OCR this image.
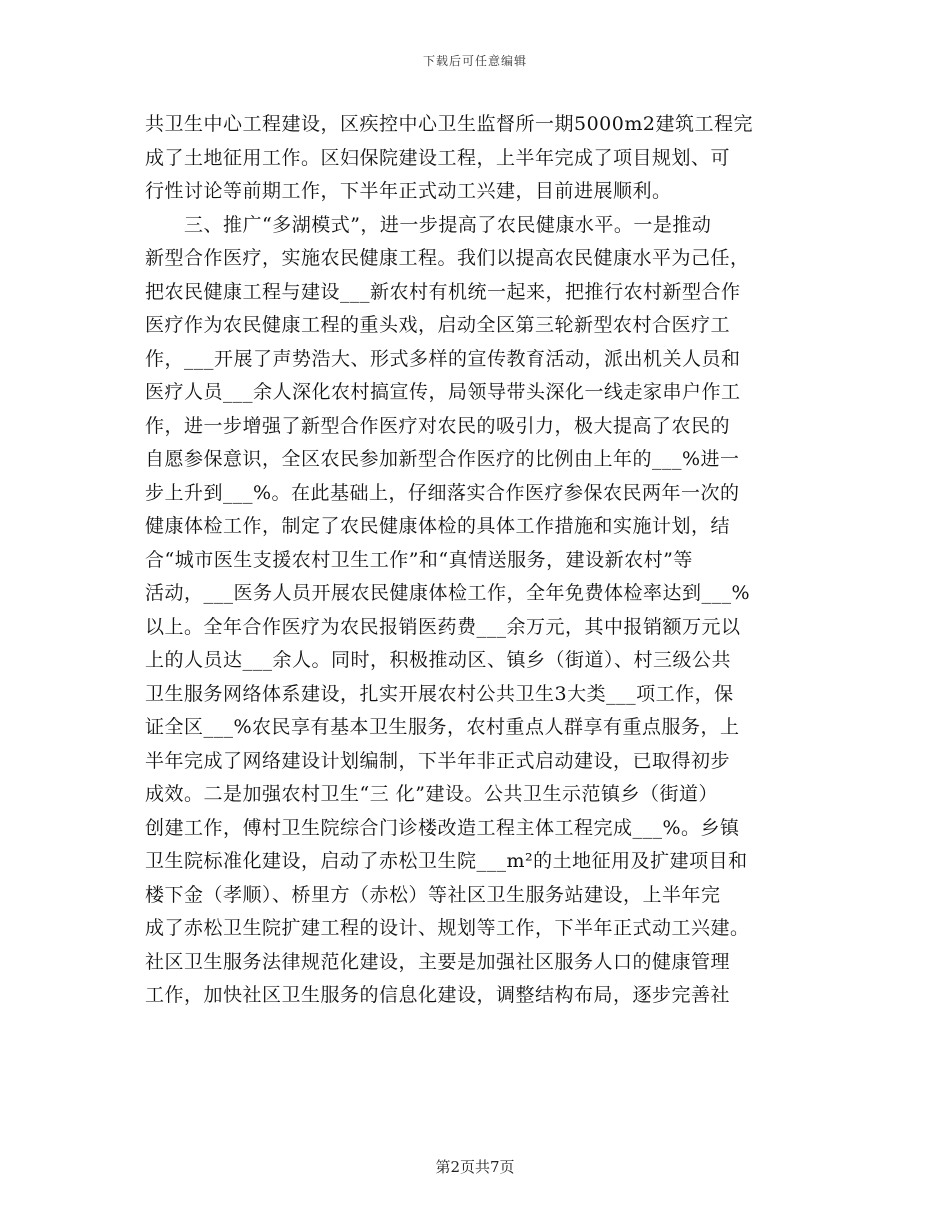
下载后可任意编辑
共卫生中心工程建设，区疾控中心卫生监督所一期5000m2建筑工程完
成了土地征用工作。区妇保院建设工程，上半年完成了项目规划、可
行性讨论等前期工作，下半年正式动工兴建，目前进展顺利。
　　三、推广“多湖模式”，进一步提高了农民健康水平。一是推动
新型合作医疗，实施农民健康工程。我们以提高农民健康水平为己任，
把农民健康工程与建设___新农村有机统一起来，把推行农村新型合作
医疗作为农民健康工程的重头戏，启动全区第三轮新型农村合医疗工
作，___开展了声势浩大、形式多样的宣传教育活动，派出机关人员和
医疗人员___余人深化农村搞宣传，局领导带头深化一线走家串户作工
作，进一步增强了新型合作医疗对农民的吸引力，极大提高了农民的
自愿参保意识，全区农民参加新型合作医疗的比例由上年的___%进一
步上升到___%。在此基础上，仔细落实合作医疗参保农民两年一次的
健康体检工作，制定了农民健康体检的具体工作措施和实施计划，结
合“城市医生支援农村卫生工作”和“真情送服务，建设新农村”等
活动，___医务人员开展农民健康体检工作，全年免费体检率达到___%
以上。全年合作医疗为农民报销医药费___余万元，其中报销额万元以
上的人员达___余人。同时，积极推动区、镇乡（街道）、村三级公共
卫生服务网络体系建设，扎实开展农村公共卫生3大类___项工作，保
证全区___%农民享有基本卫生服务，农村重点人群享有重点服务，上
半年完成了网络建设计划编制，下半年非正式启动建设，已取得初步
成效。二是加强农村卫生“三 化”建设。公共卫生示范镇乡（街道）
创建工作，傅村卫生院综合门诊楼改造工程主体工程完成___%。乡镇
卫生院标准化建设，启动了赤松卫生院___m²的土地征用及扩建项目和
楼下金（孝顺）、桥里方（赤松）等社区卫生服务站建设，上半年完
成了赤松卫生院扩建工程的设计、规划等工作，下半年正式动工兴建。
社区卫生服务法律规范化建设，主要是加强社区服务人口的健康管理
工作，加快社区卫生服务的信息化建设，调整结构布局，逐步完善社
第2页共7页
